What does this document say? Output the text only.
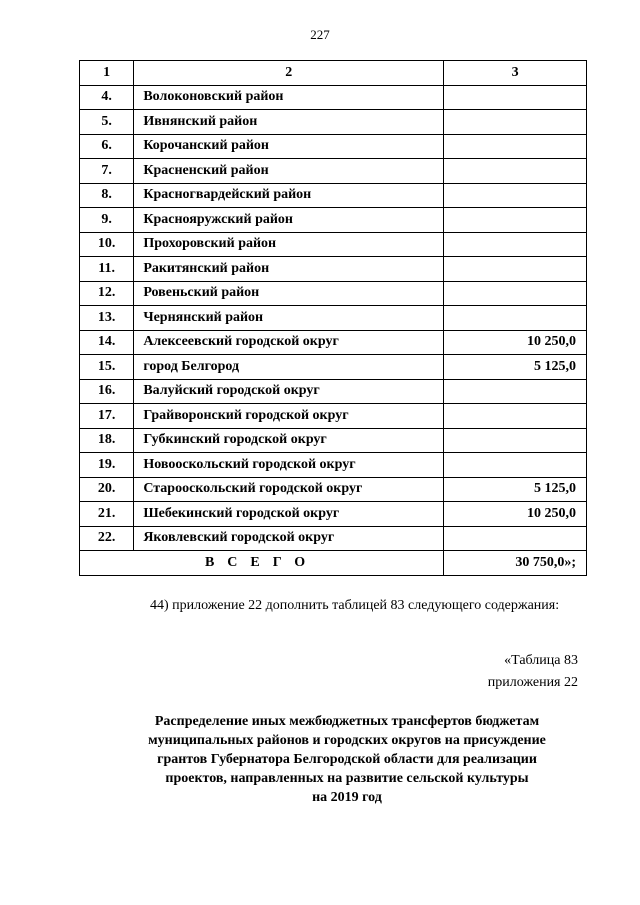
227
1	2	3
4.	Волоконовский район	
5.	Ивнянский район	
6.	Корочанский район	
7.	Красненский район	
8.	Красногвардейский район	
9.	Краснояружский район	
10.	Прохоровский район	
11.	Ракитянский район	
12.	Ровеньский район	
13.	Чернянский район	
14.	Алексеевский городской округ	10 250,0
15.	город Белгород	5 125,0
16.	Валуйский городской округ	
17.	Грайворонский городской округ	
18.	Губкинский городской округ	
19.	Новооскольский городской округ	
20.	Старооскольский городской округ	5 125,0
21.	Шебекинский городской округ	10 250,0
22.	Яковлевский городской округ	
ВСЕГО		30 750,0»;
44) приложение 22 дополнить таблицей 83 следующего содержания:
«Таблица 83
приложения 22
Распределение иных межбюджетных трансфертов бюджетам
муниципальных районов и городских округов на присуждение
грантов Губернатора Белгородской области для реализации
проектов, направленных на развитие сельской культуры
на 2019 год
